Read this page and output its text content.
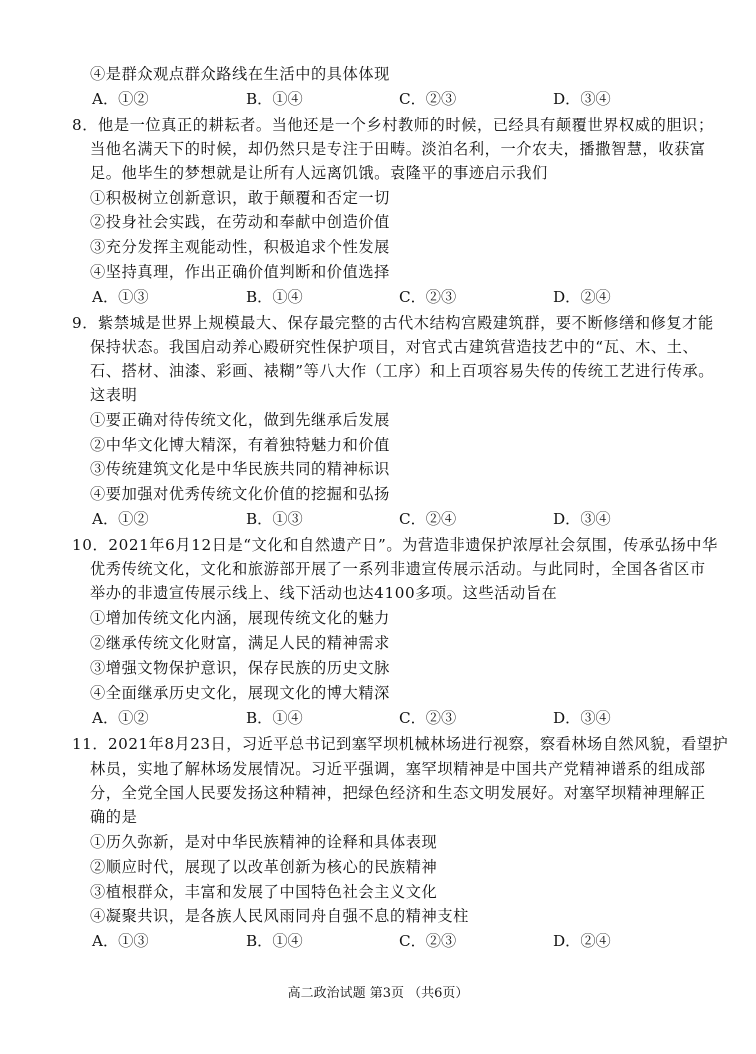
④是群众观点群众路线在生活中的具体体现
A．①②	B．①④	C．②③	D．③④
8．他是一位真正的耕耘者。当他还是一个乡村教师的时候，已经具有颠覆世界权威的胆识；
当他名满天下的时候，却仍然只是专注于田畴。淡泊名利，一介农夫，播撒智慧，收获富
足。他毕生的梦想就是让所有人远离饥饿。袁隆平的事迹启示我们
①积极树立创新意识，敢于颠覆和否定一切
②投身社会实践，在劳动和奉献中创造价值
③充分发挥主观能动性，积极追求个性发展
④坚持真理，作出正确价值判断和价值选择
A．①③	B．①④	C．②③	D．②④
9．紫禁城是世界上规模最大、保存最完整的古代木结构宫殿建筑群，要不断修缮和修复才能
保持状态。我国启动养心殿研究性保护项目，对官式古建筑营造技艺中的“瓦、木、土、
石、搭材、油漆、彩画、裱糊”等八大作（工序）和上百项容易失传的传统工艺进行传承。
这表明
①要正确对待传统文化，做到先继承后发展
②中华文化博大精深，有着独特魅力和价值
③传统建筑文化是中华民族共同的精神标识
④要加强对优秀传统文化价值的挖掘和弘扬
A．①②	B．①③	C．②④	D．③④
10．2021年6月12日是“文化和自然遗产日”。为营造非遗保护浓厚社会氛围，传承弘扬中华
优秀传统文化，文化和旅游部开展了一系列非遗宣传展示活动。与此同时，全国各省区市
举办的非遗宣传展示线上、线下活动也达4100多项。这些活动旨在
①增加传统文化内涵，展现传统文化的魅力
②继承传统文化财富，满足人民的精神需求
③增强文物保护意识，保存民族的历史文脉
④全面继承历史文化，展现文化的博大精深
A．①②	B．①④	C．②③	D．③④
11．2021年8月23日，习近平总书记到塞罕坝机械林场进行视察，察看林场自然风貌，看望护
林员，实地了解林场发展情况。习近平强调，塞罕坝精神是中国共产党精神谱系的组成部
分，全党全国人民要发扬这种精神，把绿色经济和生态文明发展好。对塞罕坝精神理解正
确的是
①历久弥新，是对中华民族精神的诠释和具体表现
②顺应时代，展现了以改革创新为核心的民族精神
③植根群众，丰富和发展了中国特色社会主义文化
④凝聚共识，是各族人民风雨同舟自强不息的精神支柱
A．①③	B．①④	C．②③	D．②④
高二政治试题 第3页 （共6页）
